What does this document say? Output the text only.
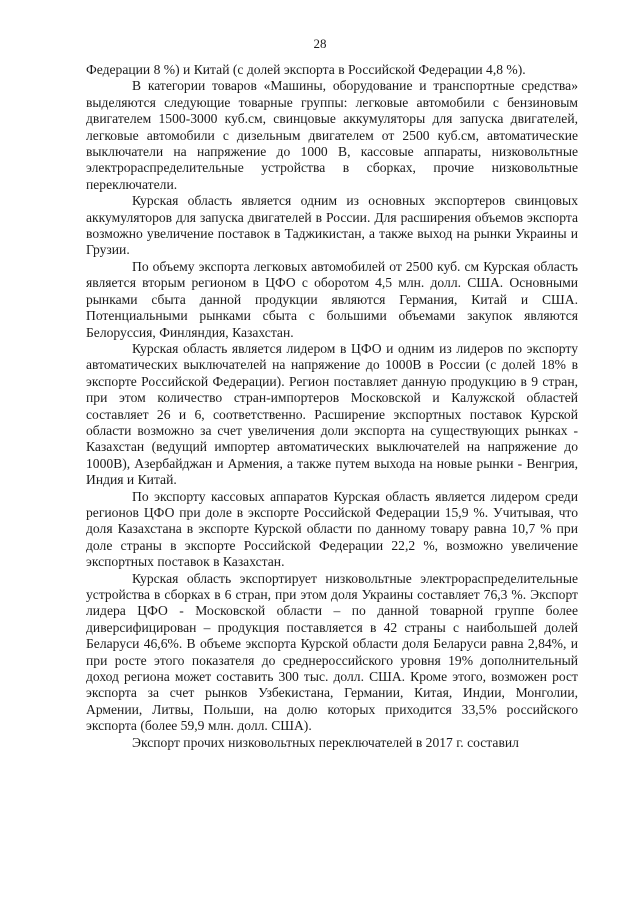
28

Федерации 8 %) и Китай (с долей экспорта в Российской Федерации 4,8 %).

В категории товаров «Машины, оборудование и транспортные средства» выделяются следующие товарные группы: легковые автомобили с бензиновым двигателем 1500-3000 куб.см, свинцовые аккумуляторы для запуска двигателей, легковые автомобили с дизельным двигателем от 2500 куб.см, автоматические выключатели на напряжение до 1000 В, кассовые аппараты, низковольтные электрораспределительные устройства в сборках, прочие низковольтные переключатели.

Курская область является одним из основных экспортеров свинцовых аккумуляторов для запуска двигателей в России. Для расширения объемов экспорта возможно увеличение поставок в Таджикистан, а также выход на рынки Украины и Грузии.

По объему экспорта легковых автомобилей от 2500 куб. см Курская область является вторым регионом в ЦФО с оборотом 4,5 млн. долл. США. Основными рынками сбыта данной продукции являются Германия, Китай и США. Потенциальными рынками сбыта с большими объемами закупок являются Белоруссия, Финляндия, Казахстан.

Курская область является лидером в ЦФО и одним из лидеров по экспорту автоматических выключателей на напряжение до 1000В в России (с долей 18% в экспорте Российской Федерации). Регион поставляет данную продукцию в 9 стран, при этом количество стран-импортеров Московской и Калужской областей составляет 26 и 6, соответственно. Расширение экспортных поставок Курской области возможно за счет увеличения доли экспорта на существующих рынках - Казахстан (ведущий импортер автоматических выключателей на напряжение до 1000В), Азербайджан и Армения, а также путем выхода на новые рынки - Венгрия, Индия и Китай.

По экспорту кассовых аппаратов Курская область является лидером среди регионов ЦФО при доле в экспорте Российской Федерации 15,9 %. Учитывая, что доля Казахстана в экспорте Курской области по данному товару равна 10,7 % при доле страны в экспорте Российской Федерации 22,2 %, возможно увеличение экспортных поставок в Казахстан.

Курская область экспортирует низковольтные электрораспределительные устройства в сборках в 6 стран, при этом доля Украины составляет 76,3 %. Экспорт лидера ЦФО - Московской области – по данной товарной группе более диверсифицирован – продукция поставляется в 42 страны с наибольшей долей Беларуси 46,6%. В объеме экспорта Курской области доля Беларуси равна 2,84%, и при росте этого показателя до среднероссийского уровня 19% дополнительный доход региона может составить 300 тыс. долл. США. Кроме этого, возможен рост экспорта за счет рынков Узбекистана, Германии, Китая, Индии, Монголии, Армении, Литвы, Польши, на долю которых приходится 33,5% российского экспорта (более 59,9 млн. долл. США).

Экспорт прочих низковольтных переключателей в 2017 г. составил
